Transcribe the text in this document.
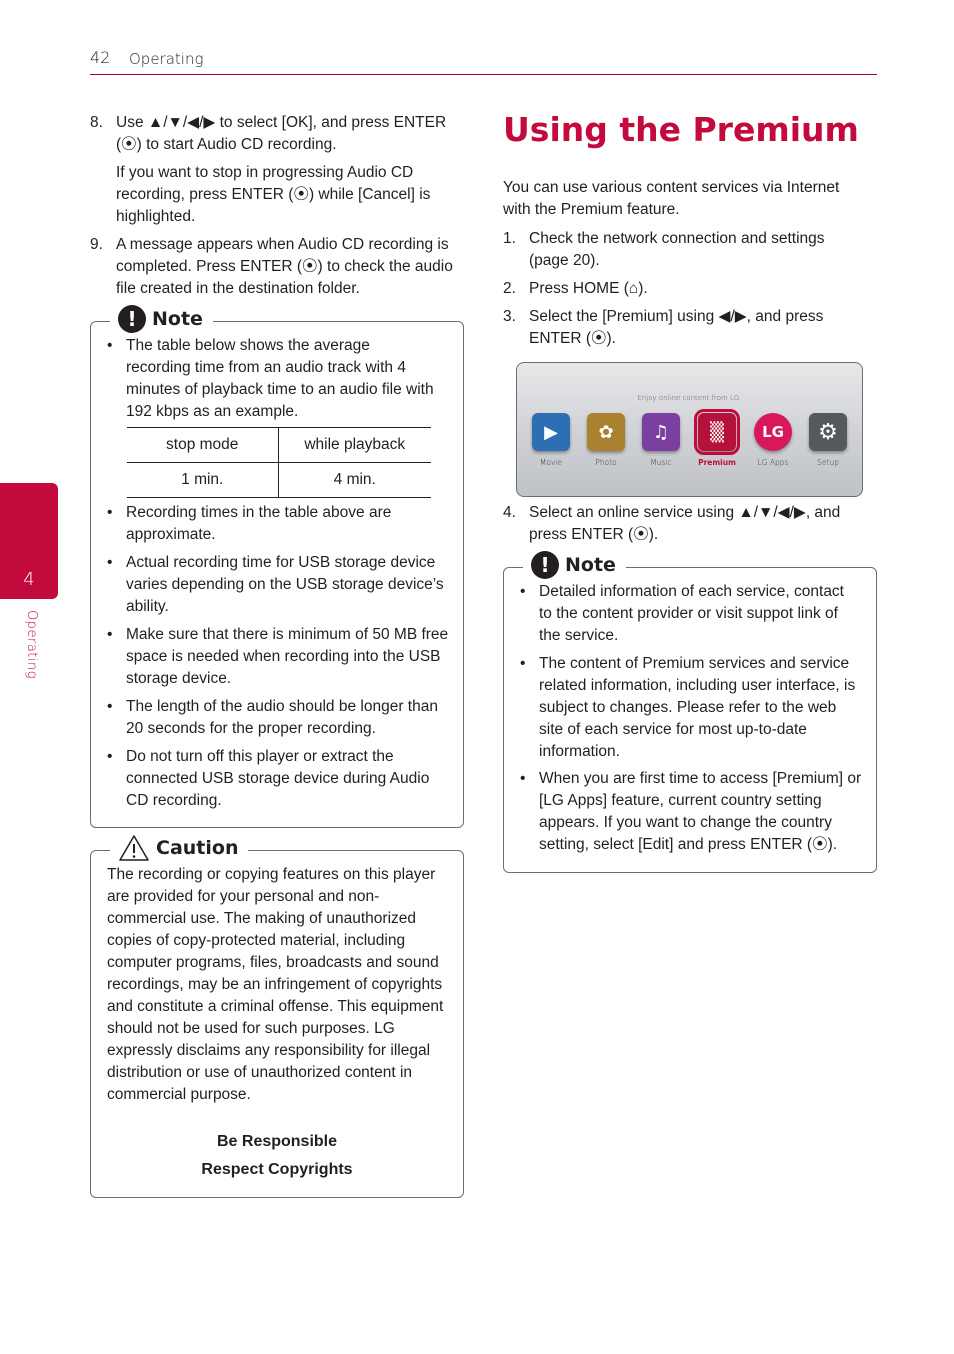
42 Operating
4
Operating
8. Use ▲/▼/◀/▶ to select [OK], and press ENTER (⦿) to start Audio CD recording.
If you want to stop in progressing Audio CD recording, press ENTER (⦿) while [Cancel] is highlighted.
9. A message appears when Audio CD recording is completed. Press ENTER (⦿) to check the audio file created in the destination folder.
! Note
• The table below shows the average recording time from an audio track with 4 minutes of playback time to an audio file with 192 kbps as an example.
stop mode	while playback
1 min.	4 min.
• Recording times in the table above are approximate.
• Actual recording time for USB storage device varies depending on the USB storage device’s ability.
• Make sure that there is minimum of 50 MB free space is needed when recording into the USB storage device.
• The length of the audio should be longer than 20 seconds for the proper recording.
• Do not turn off this player or extract the connected USB storage device during Audio CD recording.
Caution
The recording or copying features on this player are provided for your personal and non-commercial use. The making of unauthorized copies of copy-protected material, including computer programs, files, broadcasts and sound recordings, may be an infringement of copyrights and constitute a criminal offense. This equipment should not be used for such purposes. LG expressly disclaims any responsibility for illegal distribution or use of unauthorized content in commercial purpose.
Be Responsible
Respect Copyrights
Using the Premium
You can use various content services via Internet with the Premium feature.
1. Check the network connection and settings (page 20).
2. Press HOME (⌂).
3. Select the [Premium] using ◀/▶, and press ENTER (⦿).
Enjoy online content from LG.
▶
Movie
✿
Photo
♫
Music
▒
Premium
LG
LG Apps
⚙
Setup
4. Select an online service using ▲/▼/◀/▶, and press ENTER (⦿).
! Note
• Detailed information of each service, contact to the content provider or visit suppot link of the service.
• The content of Premium services and service related information, including user interface, is subject to changes. Please refer to the web site of each service for most up-to-date information.
• When you are first time to access [Premium] or [LG Apps] feature, current country setting appears. If you want to change the country setting, select [Edit] and press ENTER (⦿).
